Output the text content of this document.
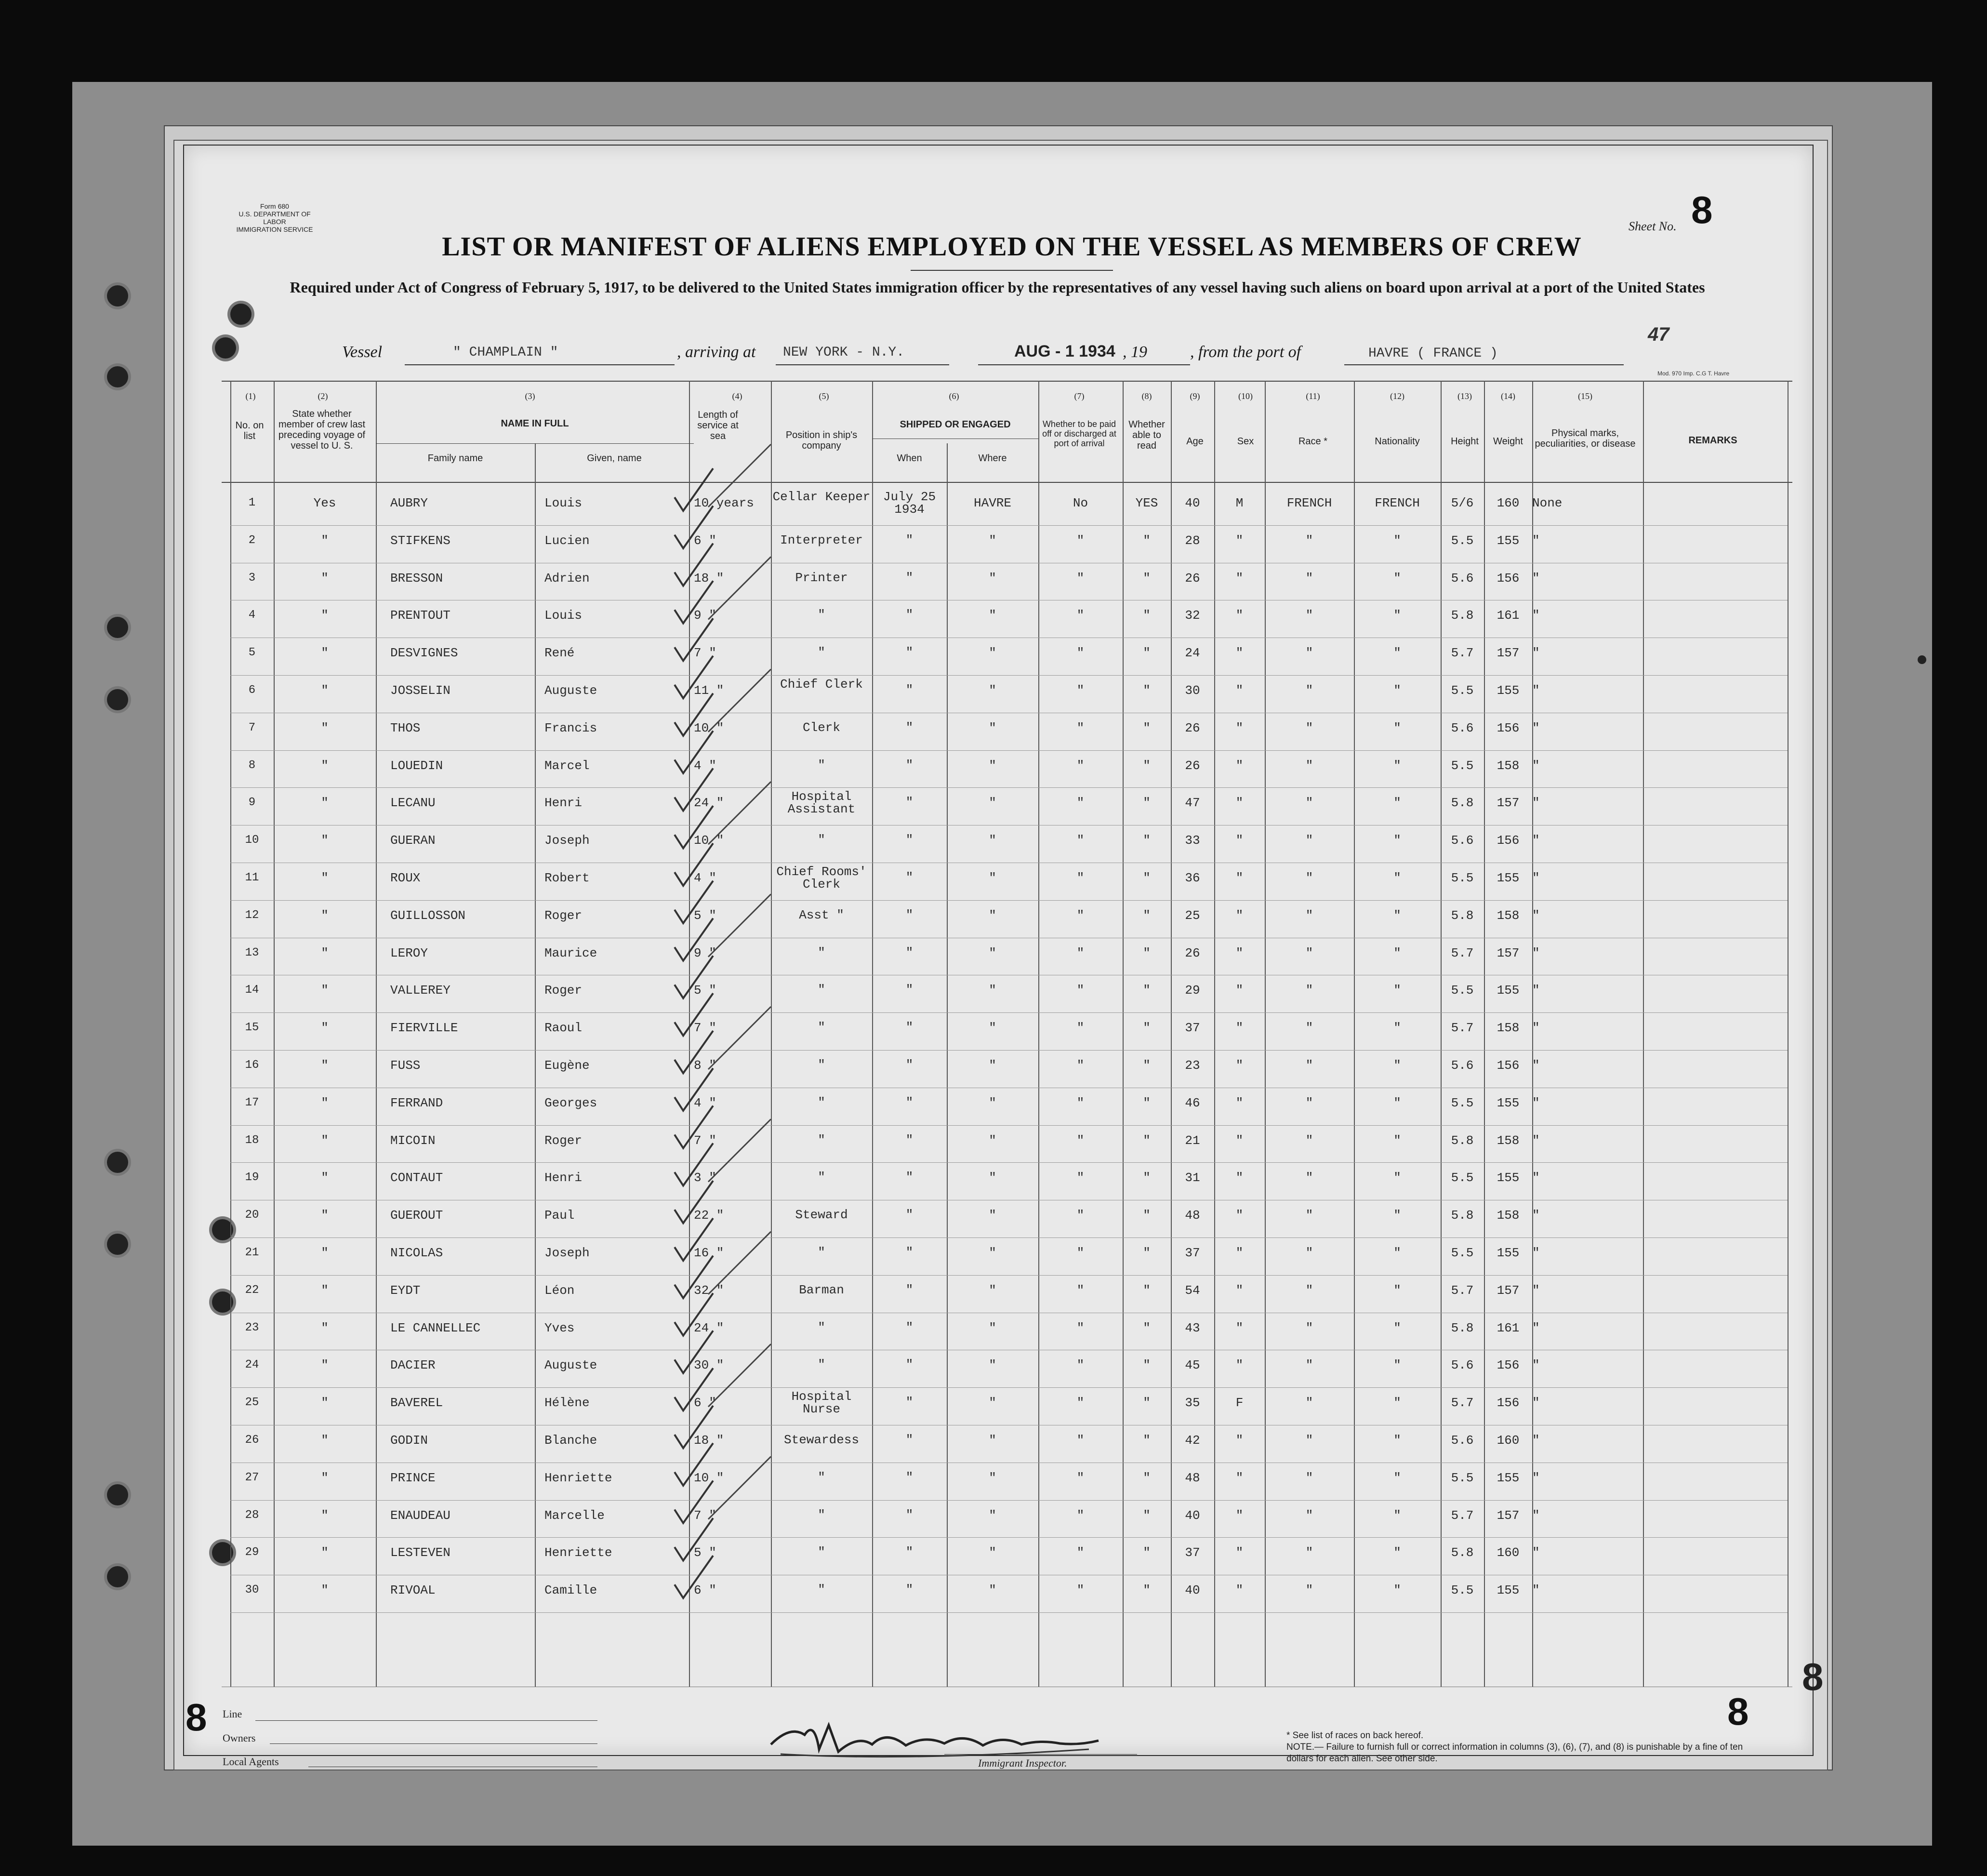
Form 680
U.S. DEPARTMENT OF LABOR
IMMIGRATION SERVICE	Sheet No. 8
LIST OR MANIFEST OF ALIENS EMPLOYED ON THE VESSEL AS MEMBERS OF CREW
Required under Act of Congress of February 5, 1917, to be delivered to the United States immigration officer by the representatives of any vessel having such aliens on board upon arrival at a port of the United States
Vessel	" CHAMPLAIN "	, arriving at NEW YORK - N.Y.	AUG - 1 1934 , 19	, from the port of	HAVRE ( FRANCE )
47
Mod. 970 Imp. C.G T. Havre
(1)	(2)	(3)	(4)	(5)	(6)	(7)	(8)	(9)	(10)	(11)	(12)	(13)	(14)	(15)
No. on list
State whether member of crew last preceding voyage of vessel to U. S.
NAME IN FULL
Family name	Given, name
Length of service at sea	Position in ship's company
SHIPPED OR ENGAGED
When	Where
Whether to be paid off or discharged at port of arrival
Whether able to read	Age	Sex	Race *	Nationality	Height	Weight
Physical marks, peculiarities, or disease	REMARKS
1	Yes	AUBRY	Louis	10 years	Cellar Keeper	July 25 1934	HAVRE	No	YES	40	M	FRENCH	FRENCH	5/6	160	None
2	"	STIFKENS	Lucien	6 "	Interpreter	"	"	"	"	28	"	"	"	5.5	155	"
3	"	BRESSON	Adrien	18 "	Printer	"	"	"	"	26	"	"	"	5.6	156	"
4	"	PRENTOUT	Louis	9 "	"	"	"	"	"	32	"	"	"	5.8	161	"
5	"	DESVIGNES	René	7 "	"	"	"	"	"	24	"	"	"	5.7	157	"
6	"	JOSSELIN	Auguste	11 "	Chief Clerk	"	"	"	"	30	"	"	"	5.5	155	"
7	"	THOS	Francis	10 "	Clerk	"	"	"	"	26	"	"	"	5.6	156	"
8	"	LOUEDIN	Marcel	4 "	"	"	"	"	"	26	"	"	"	5.5	158	"
9	"	LECANU	Henri	24 "	Hospital Assistant	"	"	"	"	47	"	"	"	5.8	157	"
10	"	GUERAN	Joseph	10 "	"	"	"	"	"	33	"	"	"	5.6	156	"
11	"	ROUX	Robert	4 "	Chief Rooms' Clerk	"	"	"	"	36	"	"	"	5.5	155	"
12	"	GUILLOSSON	Roger	5 "	Asst "	"	"	"	"	25	"	"	"	5.8	158	"
13	"	LEROY	Maurice	9 "	"	"	"	"	"	26	"	"	"	5.7	157	"
14	"	VALLEREY	Roger	5 "	"	"	"	"	"	29	"	"	"	5.5	155	"
15	"	FIERVILLE	Raoul	7 "	"	"	"	"	"	37	"	"	"	5.7	158	"
16	"	FUSS	Eugène	8 "	"	"	"	"	"	23	"	"	"	5.6	156	"
17	"	FERRAND	Georges	4 "	"	"	"	"	"	46	"	"	"	5.5	155	"
18	"	MICOIN	Roger	7 "	"	"	"	"	"	21	"	"	"	5.8	158	"
19	"	CONTAUT	Henri	3 "	"	"	"	"	"	31	"	"	"	5.5	155	"
20	"	GUEROUT	Paul	22 "	Steward	"	"	"	"	48	"	"	"	5.8	158	"
21	"	NICOLAS	Joseph	16 "	"	"	"	"	"	37	"	"	"	5.5	155	"
22	"	EYDT	Léon	32 "	Barman	"	"	"	"	54	"	"	"	5.7	157	"
23	"	LE CANNELLEC	Yves	24 "	"	"	"	"	"	43	"	"	"	5.8	161	"
24	"	DACIER	Auguste	30 "	"	"	"	"	"	45	"	"	"	5.6	156	"
25	"	BAVEREL	Hélène	6 "	Hospital Nurse	"	"	"	"	35	F	"	"	5.7	156	"
26	"	GODIN	Blanche	18 "	Stewardess	"	"	"	"	42	"	"	"	5.6	160	"
27	"	PRINCE	Henriette	10 "	"	"	"	"	"	48	"	"	"	5.5	155	"
28	"	ENAUDEAU	Marcelle	7 "	"	"	"	"	"	40	"	"	"	5.7	157	"
29	"	LESTEVEN	Henriette	5 "	"	"	"	"	"	37	"	"	"	5.8	160	"
30	"	RIVOAL	Camille	6 "	"	"	"	"	"	40	"	"	"	5.5	155	"
8	8
8
Line
Owners
Local Agents	Immigrant Inspector.
* See list of races on back hereof.
NOTE.— Failure to furnish full or correct information in columns (3), (6), (7), and (8) is punishable by a fine of ten dollars for each alien. See other side.
